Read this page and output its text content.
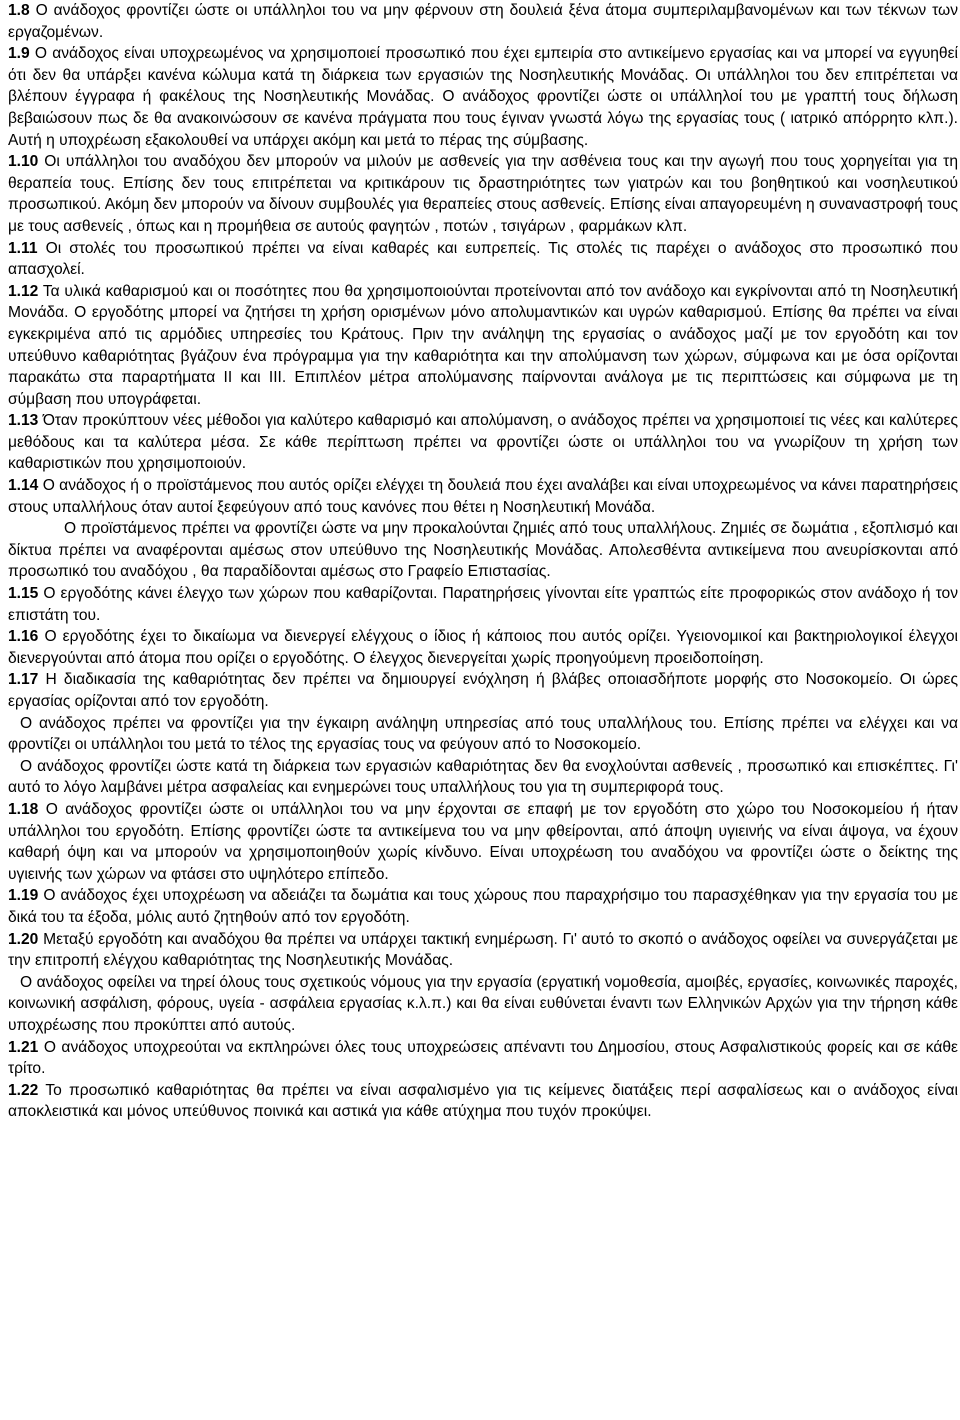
1.8 Ο ανάδοχος φροντίζει ώστε οι υπάλληλοι του να μην φέρνουν στη δουλειά ξένα άτομα συμπεριλαμβανομένων και των τέκνων των εργαζομένων.

1.9 Ο ανάδοχος είναι υποχρεωμένος να χρησιμοποιεί προσωπικό που έχει εμπειρία στο αντικείμενο εργασίας και να μπορεί να εγγυηθεί ότι δεν θα υπάρξει κανένα κώλυμα κατά τη διάρκεια των εργασιών της Νοσηλευτικής Μονάδας. Οι υπάλληλοι του δεν επιτρέπεται να βλέπουν έγγραφα ή φακέλους της Νοσηλευτικής Μονάδας. Ο ανάδοχος φροντίζει ώστε οι υπάλληλοί του με γραπτή τους δήλωση βεβαιώσουν πως δε θα ανακοινώσουν σε κανένα πράγματα που τους έγιναν γνωστά λόγω της εργασίας τους ( ιατρικό απόρρητο κλπ.). Αυτή η υποχρέωση εξακολουθεί να υπάρχει ακόμη και μετά το πέρας της σύμβασης.

1.10 Οι υπάλληλοι του αναδόχου δεν μπορούν να μιλούν με ασθενείς για την ασθένεια τους και την αγωγή που τους χορηγείται για τη θεραπεία τους. Επίσης δεν τους επιτρέπεται να κριτικάρουν τις δραστηριότητες των γιατρών και του βοηθητικού και νοσηλευτικού προσωπικού. Ακόμη δεν μπορούν να δίνουν συμβουλές για θεραπείες στους ασθενείς. Επίσης είναι απαγορευμένη η συναναστροφή τους με τους ασθενείς , όπως και η προμήθεια σε αυτούς φαγητών , ποτών , τσιγάρων , φαρμάκων κλπ.

1.11 Οι στολές του προσωπικού πρέπει να είναι καθαρές και ευπρεπείς. Τις στολές τις παρέχει ο ανάδοχος στο προσωπικό που απασχολεί.

1.12 Τα υλικά καθαρισμού και οι ποσότητες που θα χρησιμοποιούνται προτείνονται από τον ανάδοχο και εγκρίνονται από τη Νοσηλευτική Μονάδα. Ο εργοδότης μπορεί να ζητήσει τη χρήση ορισμένων μόνο απολυμαντικών και υγρών καθαρισμού. Επίσης θα πρέπει να είναι εγκεκριμένα από τις αρμόδιες υπηρεσίες του Κράτους. Πριν την ανάληψη της εργασίας ο ανάδοχος μαζί με τον εργοδότη και τον υπεύθυνο καθαριότητας βγάζουν ένα πρόγραμμα για την καθαριότητα και την απολύμανση των χώρων, σύμφωνα και με όσα ορίζονται παρακάτω στα παραρτήματα ΙΙ και ΙΙΙ. Επιπλέον μέτρα απολύμανσης παίρνονται ανάλογα με τις περιπτώσεις και σύμφωνα με τη σύμβαση που υπογράφεται.

1.13 Όταν προκύπτουν νέες μέθοδοι για καλύτερο καθαρισμό και απολύμανση, ο ανάδοχος πρέπει να χρησιμοποιεί τις νέες και καλύτερες μεθόδους και τα καλύτερα μέσα. Σε κάθε περίπτωση πρέπει να φροντίζει ώστε οι υπάλληλοι του να γνωρίζουν τη χρήση των καθαριστικών που χρησιμοποιούν.

1.14 Ο ανάδοχος ή ο προϊστάμενος που αυτός ορίζει ελέγχει τη δουλειά που έχει αναλάβει και είναι υποχρεωμένος να κάνει παρατηρήσεις στους υπαλλήλους όταν αυτοί ξεφεύγουν από τους κανόνες που θέτει η Νοσηλευτική Μονάδα.

Ο προϊστάμενος πρέπει να φροντίζει ώστε να μην προκαλούνται ζημιές από τους υπαλλήλους. Ζημιές σε δωμάτια , εξοπλισμό και δίκτυα πρέπει να αναφέρονται αμέσως στον υπεύθυνο της Νοσηλευτικής Μονάδας. Απολεσθέντα αντικείμενα που ανευρίσκονται από προσωπικό του αναδόχου , θα παραδίδονται αμέσως στο Γραφείο Επιστασίας.

1.15 Ο εργοδότης κάνει έλεγχο των χώρων που καθαρίζονται. Παρατηρήσεις γίνονται είτε γραπτώς είτε προφορικώς στον ανάδοχο ή τον επιστάτη του.

1.16 Ο εργοδότης έχει το δικαίωμα να διενεργεί ελέγχους ο ίδιος ή κάποιος που αυτός ορίζει. Υγειονομικοί και βακτηριολογικοί έλεγχοι διενεργούνται από άτομα που ορίζει ο εργοδότης. Ο έλεγχος διενεργείται χωρίς προηγούμενη προειδοποίηση.

1.17 Η διαδικασία της καθαριότητας δεν πρέπει να δημιουργεί ενόχληση ή βλάβες οποιασδήποτε μορφής στο Νοσοκομείο. Οι ώρες εργασίας ορίζονται από τον εργοδότη.

Ο ανάδοχος πρέπει να φροντίζει για την έγκαιρη ανάληψη υπηρεσίας από τους υπαλλήλους του. Επίσης πρέπει να ελέγχει και να φροντίζει οι υπάλληλοι του μετά το τέλος της εργασίας τους να φεύγουν από το Νοσοκομείο.

Ο ανάδοχος φροντίζει ώστε κατά τη διάρκεια των εργασιών καθαριότητας δεν θα ενοχλούνται ασθενείς , προσωπικό και επισκέπτες. Γι' αυτό το λόγο λαμβάνει μέτρα ασφαλείας και ενημερώνει τους υπαλλήλους του για τη συμπεριφορά τους.

1.18 Ο ανάδοχος φροντίζει ώστε οι υπάλληλοι του να μην έρχονται σε επαφή με τον εργοδότη στο χώρο του Νοσοκομείου ή ήταν υπάλληλοι του εργοδότη. Επίσης φροντίζει ώστε τα αντικείμενα του να μην φθείρονται, από άποψη υγιεινής να είναι άψογα, να έχουν καθαρή όψη και να μπορούν να χρησιμοποιηθούν χωρίς κίνδυνο. Είναι υποχρέωση του αναδόχου να φροντίζει ώστε ο δείκτης της υγιεινής των χώρων να φτάσει στο υψηλότερο επίπεδο.

1.19 Ο ανάδοχος έχει υποχρέωση να αδειάζει τα δωμάτια και τους χώρους που παραχρήσιμο του παρασχέθηκαν για την εργασία του με δικά του τα έξοδα, μόλις αυτό ζητηθούν από τον εργοδότη.

1.20 Μεταξύ εργοδότη και αναδόχου θα πρέπει να υπάρχει τακτική ενημέρωση. Γι' αυτό το σκοπό ο ανάδοχος οφείλει να συνεργάζεται με την επιτροπή ελέγχου καθαριότητας της Νοσηλευτικής Μονάδας.

Ο ανάδοχος οφείλει να τηρεί όλους τους σχετικούς νόμους για την εργασία (εργατική νομοθεσία, αμοιβές, εργασίες, κοινωνικές παροχές, κοινωνική ασφάλιση, φόρους, υγεία - ασφάλεια εργασίας κ.λ.π.) και θα είναι ευθύνεται έναντι των Ελληνικών Αρχών για την τήρηση κάθε υποχρέωσης που προκύπτει από αυτούς.

1.21 Ο ανάδοχος υποχρεούται να εκπληρώνει όλες τους υποχρεώσεις απέναντι του Δημοσίου, στους Ασφαλιστικούς φορείς και σε κάθε τρίτο.

1.22 Το προσωπικό καθαριότητας θα πρέπει να είναι ασφαλισμένο για τις κείμενες διατάξεις περί ασφαλίσεως και ο ανάδοχος είναι αποκλειστικά και μόνος υπεύθυνος ποινικά και αστικά για κάθε ατύχημα που τυχόν προκύψει.
